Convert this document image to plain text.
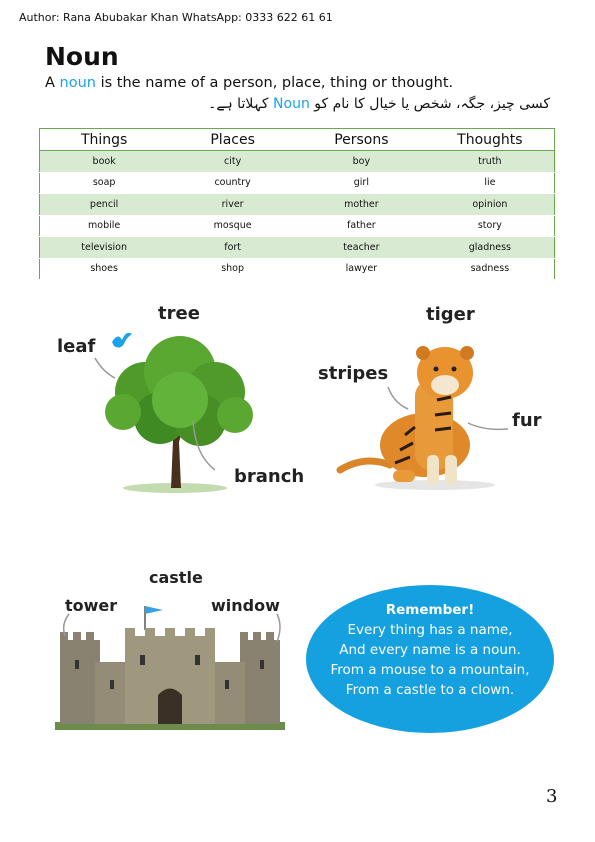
Author: Rana Abubakar Khan WhatsApp: 0333 622 61 61
Noun
A noun is the name of a person, place, thing or thought.
کسی چیز، جگہ، شخص یا خیال کا نام کو Noun کہلاتا ہے۔
Things	Places	Persons	Thoughts
book	city	boy	truth
soap	country	girl	lie
pencil	river	mother	opinion
mobile	mosque	father	story
television	fort	teacher	gladness
shoes	shop	lawyer	sadness
tree
leaf
branch
tiger
stripes
fur
castle
tower	window	Remember!
Every thing has a name,
And every name is a noun.
From a mouse to a mountain,
From a castle to a clown.
3
